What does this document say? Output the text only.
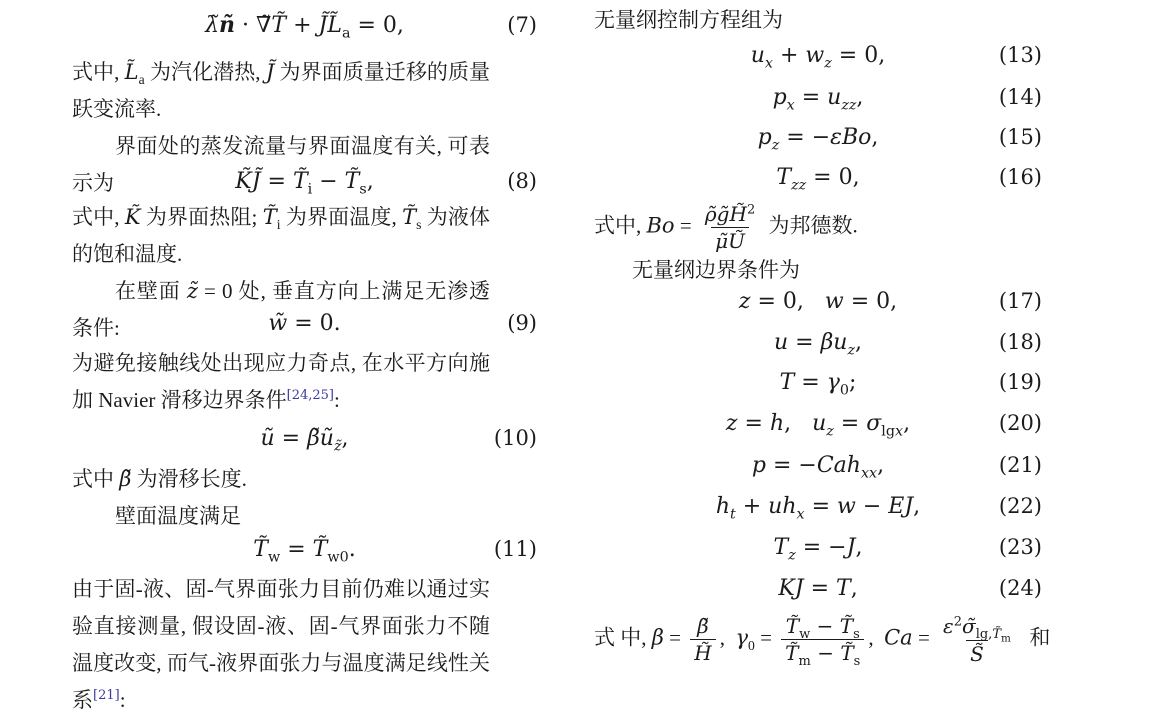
λ̃ñ · ∇̃T̃ + $J̃L̃_a = 0$,	(7)
式中, $L̃_a$ 为汽化潜热, J̃ 为界面质量迁移的质量跃变流率.
界面处的蒸发流量与界面温度有关, 可表示为	K̃J̃ = $T̃_i$ − $T̃_s$,	(8)
式中, K̃ 为界面热阻; $T̃_i$ 为界面温度, $T̃_s$ 为液体的饱和温度.
在壁面 z̃ = 0 处, 垂直方向上满足无渗透条件:	w̃ = 0.	(9)
为避免接触线处出现应力奇点, 在水平方向施加 Navier 滑移边界条件[24,25]:
ũ = $\betãũ_{z̃}$,	(10)
式中 β̃ 为滑移长度.
壁面温度满足
$T̃_w$ = $T̃_{w0}$.	(11)
由于固-液、固-气界面张力目前仍难以通过实验直接测量, 假设固-液、固-气界面张力不随温度改变, 而气-液界面张力与温度满足线性关系[21]:
无量纲控制方程组为
$u_x + w_z = 0$,	(13)
$p_x = u_{zz}$,	(14)
$p_z = -\varepsilon Bo$,	(15)
$T_{zz} = 0$,	(16)
式中, $Bo = \frac{\rhõg̃H̃^2}{\mũŨ}$ 为邦德数.
无量纲边界条件为
z = 0,   w = 0,	(17)
$u = \beta u_z$,	(18)
$T = \gamma_0$;	(19)
z = h,   $u_z = \sigma_{lgx}$,	(20)
p = −Cah$_{xx}$,	(21)
$h_t + uh_x = w$ − EJ,	(22)
$T_z = -J$,	(23)
KJ = T,	(24)
式 中, $\beta = \frac{\betã}{H̃}$ ,  $\gamma_0 = \frac{T̃_w - T̃_s}{T̃_m - T̃_s}$ ,  $Ca = \frac{\varepsilon^2\sigmã_{lg,T̃_m}}{S̃}$ 和
